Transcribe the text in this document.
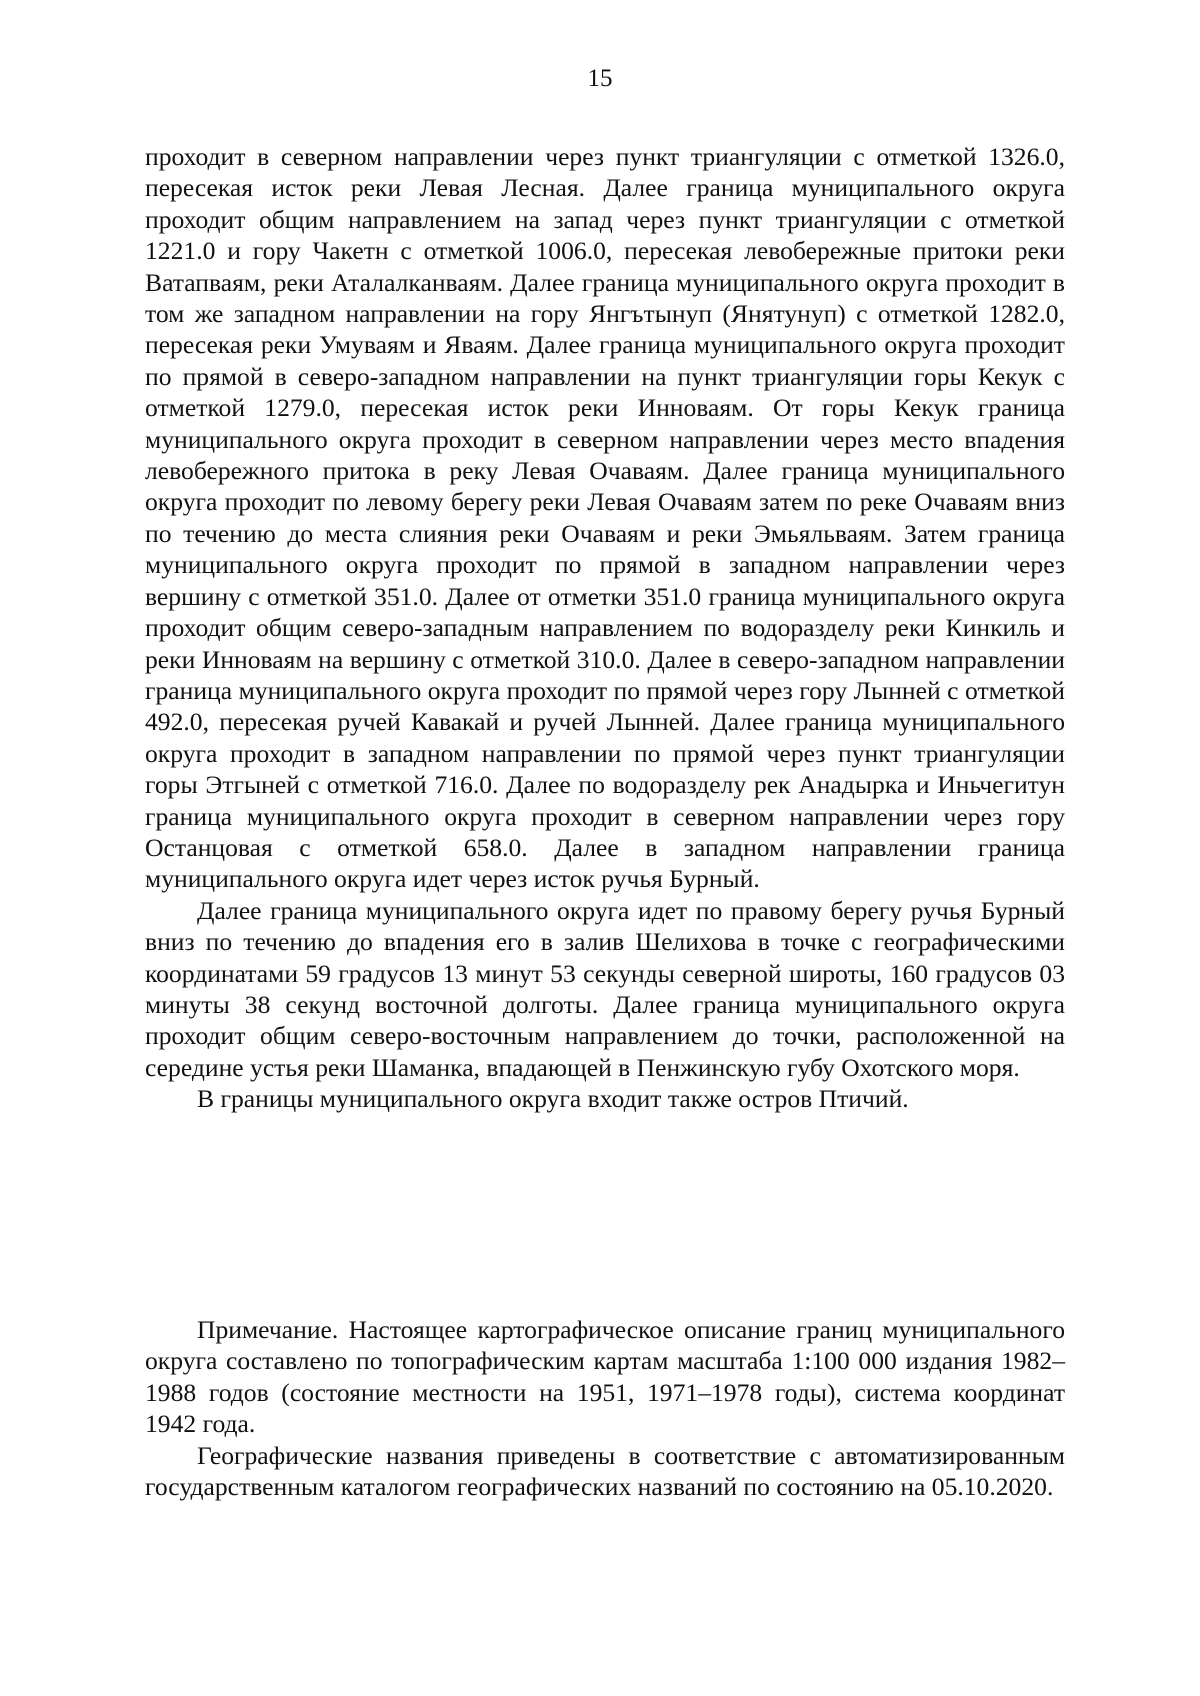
15

проходит в северном направлении через пункт триангуляции с отметкой 1326.0, пересекая исток реки Левая Лесная. Далее граница муниципального округа проходит общим направлением на запад через пункт триангуляции с отметкой 1221.0 и гору Чакетн с отметкой 1006.0, пересекая левобережные притоки реки Ватапваям, реки Аталалканваям. Далее граница муниципального округа проходит в том же западном направлении на гору Янгътынуп (Янятунуп) с отметкой 1282.0, пересекая реки Умуваям и Яваям. Далее граница муниципального округа проходит по прямой в северо-западном направлении на пункт триангуляции горы Кекук с отметкой 1279.0, пересекая исток реки Инноваям. От горы Кекук граница муниципального округа проходит в северном направлении через место впадения левобережного притока в реку Левая Очаваям. Далее граница муниципального округа проходит по левому берегу реки Левая Очаваям затем по реке Очаваям вниз по течению до места слияния реки Очаваям и реки Эмьяльваям. Затем граница муниципального округа проходит по прямой в западном направлении через вершину с отметкой 351.0. Далее от отметки 351.0 граница муниципального округа проходит общим северо-западным направлением по водоразделу реки Кинкиль и реки Инноваям на вершину с отметкой 310.0. Далее в северо-западном направлении граница муниципального округа проходит по прямой через гору Лынней с отметкой 492.0, пересекая ручей Кавакай и ручей Лынней. Далее граница муниципального округа проходит в западном направлении по прямой через пункт триангуляции горы Этгыней с отметкой 716.0. Далее по водоразделу рек Анадырка и Иньчегитун граница муниципального округа проходит в северном направлении через гору Останцовая с отметкой 658.0. Далее в западном направлении граница муниципального округа идет через исток ручья Бурный.

Далее граница муниципального округа идет по правому берегу ручья Бурный вниз по течению до впадения его в залив Шелихова в точке с географическими координатами 59 градусов 13 минут 53 секунды северной широты, 160 градусов 03 минуты 38 секунд восточной долготы. Далее граница муниципального округа проходит общим северо-восточным направлением до точки, расположенной на середине устья реки Шаманка, впадающей в Пенжинскую губу Охотского моря.

В границы муниципального округа входит также остров Птичий.

Примечание. Настоящее картографическое описание границ муниципального округа составлено по топографическим картам масштаба 1:100 000 издания 1982–1988 годов (состояние местности на 1951, 1971–1978 годы), система координат 1942 года.

Географические названия приведены в соответствие с автоматизированным государственным каталогом географических названий по состоянию на 05.10.2020.
